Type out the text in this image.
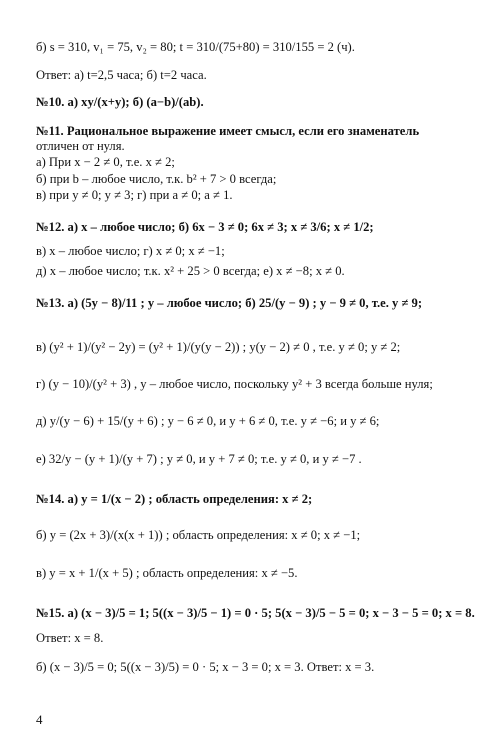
б) s = 310, v₁ = 75, v₂ = 80; t = 310/(75+80) = 310/155 = 2 (ч).
Ответ: а) t=2,5 часа; б) t=2 часа.
№10. а) xy/(x+y); б) (a−b)/(ab).
№11. Рациональное выражение имеет смысл, если его знаменатель
отличен от нуля.
а) При x − 2 ≠ 0, т.е. x ≠ 2;
б) при b – любое число, т.к. b² + 7 > 0 всегда;
в) при y ≠ 0; y ≠ 3; г) при a ≠ 0; a ≠ 1.
№12. а) x – любое число; б) 6x − 3 ≠ 0; 6x ≠ 3; x ≠ 3/6; x ≠ 1/2;
в) x – любое число; г) x ≠ 0; x ≠ −1;
д) x – любое число; т.к. x² + 25 > 0 всегда; е) x ≠ −8; x ≠ 0.
№13. а) (5y − 8)/11 ; y – любое число; б) 25/(y − 9) ; y − 9 ≠ 0, т.е. y ≠ 9;
в) (y² + 1)/(y² − 2y) = (y² + 1)/(y(y − 2)) ; y(y − 2) ≠ 0 , т.е. y ≠ 0; y ≠ 2;
г) (y − 10)/(y² + 3) , y – любое число, поскольку y² + 3 всегда больше нуля;
д) y/(y − 6) + 15/(y + 6) ; y − 6 ≠ 0, и y + 6 ≠ 0, т.е. y ≠ −6; и y ≠ 6;
е) 32/y − (y + 1)/(y + 7) ; y ≠ 0, и y + 7 ≠ 0; т.е. y ≠ 0, и y ≠ −7 .
№14. а) y = 1/(x − 2) ; область определения: x ≠ 2;
б) y = (2x + 3)/(x(x + 1)) ; область определения: x ≠ 0; x ≠ −1;
в) y = x + 1/(x + 5) ; область определения: x ≠ −5.
№15. а) (x − 3)/5 = 1; 5((x − 3)/5 − 1) = 0 · 5; 5(x − 3)/5 − 5 = 0; x − 3 − 5 = 0; x = 8.
Ответ: x = 8.
б) (x − 3)/5 = 0; 5((x − 3)/5) = 0 · 5; x − 3 = 0; x = 3. Ответ: x = 3.
4
